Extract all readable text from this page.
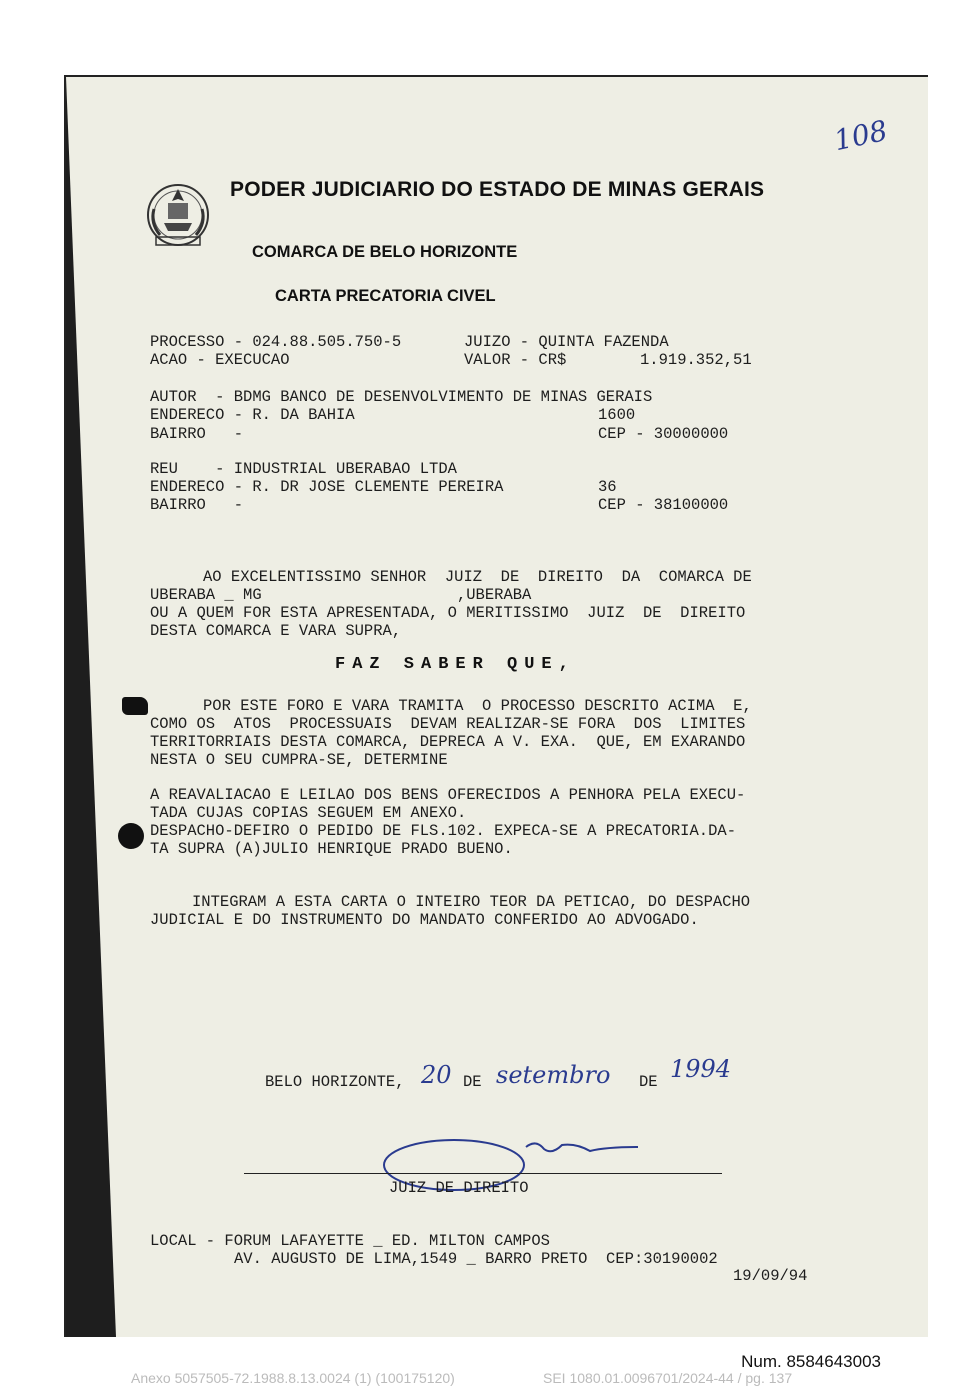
PODER JUDICIARIO DO ESTADO DE MINAS GERAIS
COMARCA DE BELO HORIZONTE
CARTA PRECATORIA CIVEL
108
PROCESSO - 024.88.505.750-5	JUIZO - QUINTA FAZENDA
ACAO - EXECUCAO	VALOR - CR$	1.919.352,51
AUTOR  - BDMG BANCO DE DESENVOLVIMENTO DE MINAS GERAIS
ENDERECO - R. DA BAHIA	1600
BAIRRO   -	CEP - 30000000
REU    - INDUSTRIAL UBERABAO LTDA
ENDERECO - R. DR JOSE CLEMENTE PEREIRA	36
BAIRRO   -	CEP - 38100000
AO EXCELENTISSIMO SENHOR  JUIZ  DE  DIREITO  DA  COMARCA DE
UBERABA _ MG                     ,UBERABA
OU A QUEM FOR ESTA APRESENTADA, O MERITISSIMO  JUIZ  DE  DIREITO
DESTA COMARCA E VARA SUPRA,
FAZ SABER QUE,
POR ESTE FORO E VARA TRAMITA  O PROCESSO DESCRITO ACIMA  E,
COMO OS  ATOS  PROCESSUAIS  DEVAM REALIZAR-SE FORA  DOS  LIMITES
TERRITORRIAIS DESTA COMARCA, DEPRECA A V. EXA.  QUE, EM EXARANDO
NESTA O SEU CUMPRA-SE, DETERMINE
A REAVALIACAO E LEILAO DOS BENS OFERECIDOS A PENHORA PELA EXECU-
TADA CUJAS COPIAS SEGUEM EM ANEXO.
DESPACHO-DEFIRO O PEDIDO DE FLS.102. EXPECA-SE A PRECATORIA.DA-
TA SUPRA (A)JULIO HENRIQUE PRADO BUENO.
INTEGRAM A ESTA CARTA O INTEIRO TEOR DA PETICAO, DO DESPACHO
JUDICIAL E DO INSTRUMENTO DO MANDATO CONFERIDO AO ADVOGADO.
BELO HORIZONTE, 20 DE setembro DE 1994
JUIZ DE DIREITO
LOCAL - FORUM LAFAYETTE _ ED. MILTON CAMPOS
AV. AUGUSTO DE LIMA,1549 _ BARRO PRETO  CEP:30190002
19/09/94
Num. 8584643003
Anexo 5057505-72.1988.8.13.0024 (1) (100175120)	SEI 1080.01.0096701/2024-44 / pg. 137
